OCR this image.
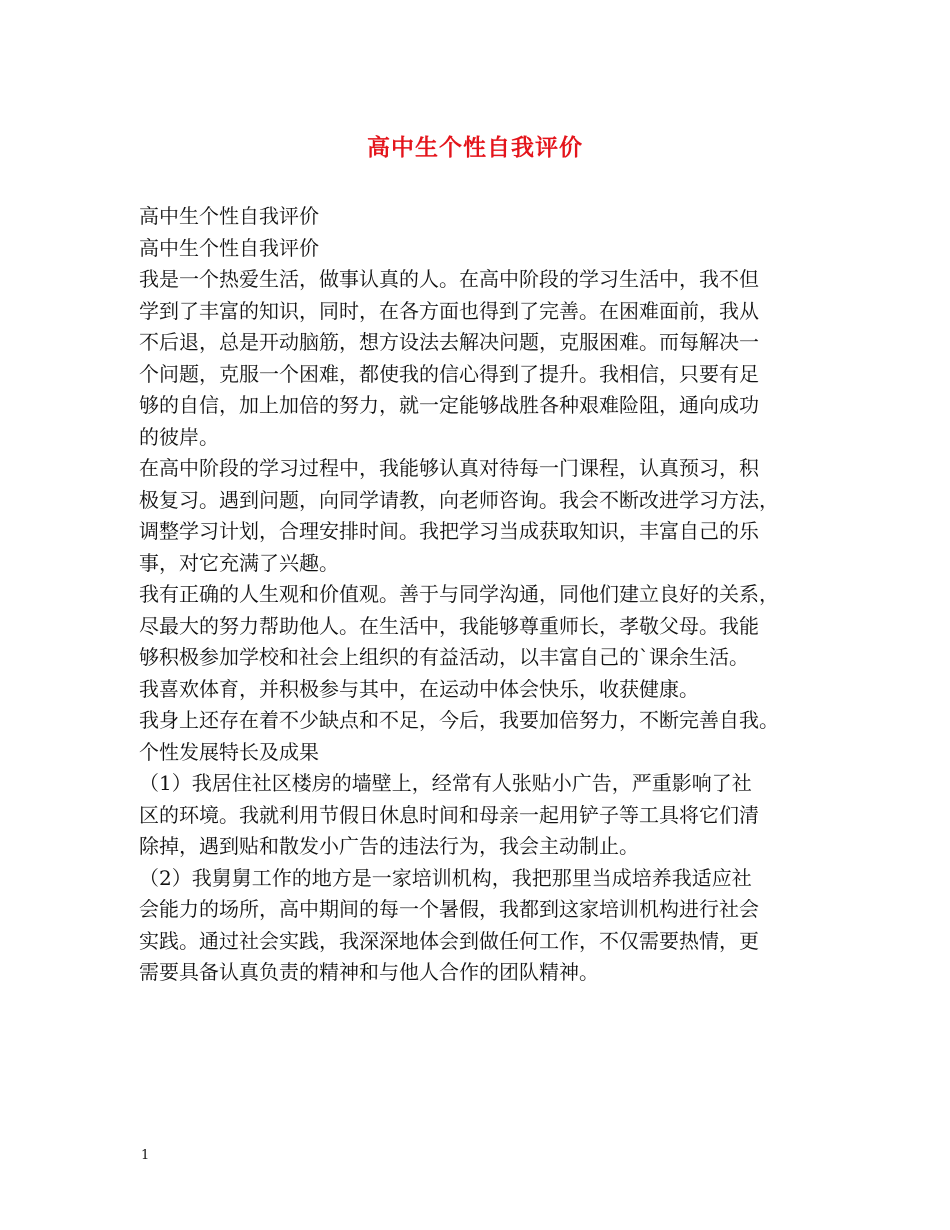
高中生个性自我评价
高中生个性自我评价
高中生个性自我评价
我是一个热爱生活，做事认真的人。在高中阶段的学习生活中，我不但
学到了丰富的知识，同时，在各方面也得到了完善。在困难面前，我从
不后退，总是开动脑筋，想方设法去解决问题，克服困难。而每解决一
个问题，克服一个困难，都使我的信心得到了提升。我相信，只要有足
够的自信，加上加倍的努力，就一定能够战胜各种艰难险阻，通向成功
的彼岸。
在高中阶段的学习过程中，我能够认真对待每一门课程，认真预习，积
极复习。遇到问题，向同学请教，向老师咨询。我会不断改进学习方法，
调整学习计划，合理安排时间。我把学习当成获取知识，丰富自己的乐
事，对它充满了兴趣。
我有正确的人生观和价值观。善于与同学沟通，同他们建立良好的关系，
尽最大的努力帮助他人。在生活中，我能够尊重师长，孝敬父母。我能
够积极参加学校和社会上组织的有益活动，以丰富自己的`课余生活。
我喜欢体育，并积极参与其中，在运动中体会快乐，收获健康。
我身上还存在着不少缺点和不足，今后，我要加倍努力，不断完善自我。
个性发展特长及成果
（1）我居住社区楼房的墙壁上，经常有人张贴小广告，严重影响了社
区的环境。我就利用节假日休息时间和母亲一起用铲子等工具将它们清
除掉，遇到贴和散发小广告的违法行为，我会主动制止。
（2）我舅舅工作的地方是一家培训机构，我把那里当成培养我适应社
会能力的场所，高中期间的每一个暑假，我都到这家培训机构进行社会
实践。通过社会实践，我深深地体会到做任何工作，不仅需要热情，更
需要具备认真负责的精神和与他人合作的团队精神。
1
